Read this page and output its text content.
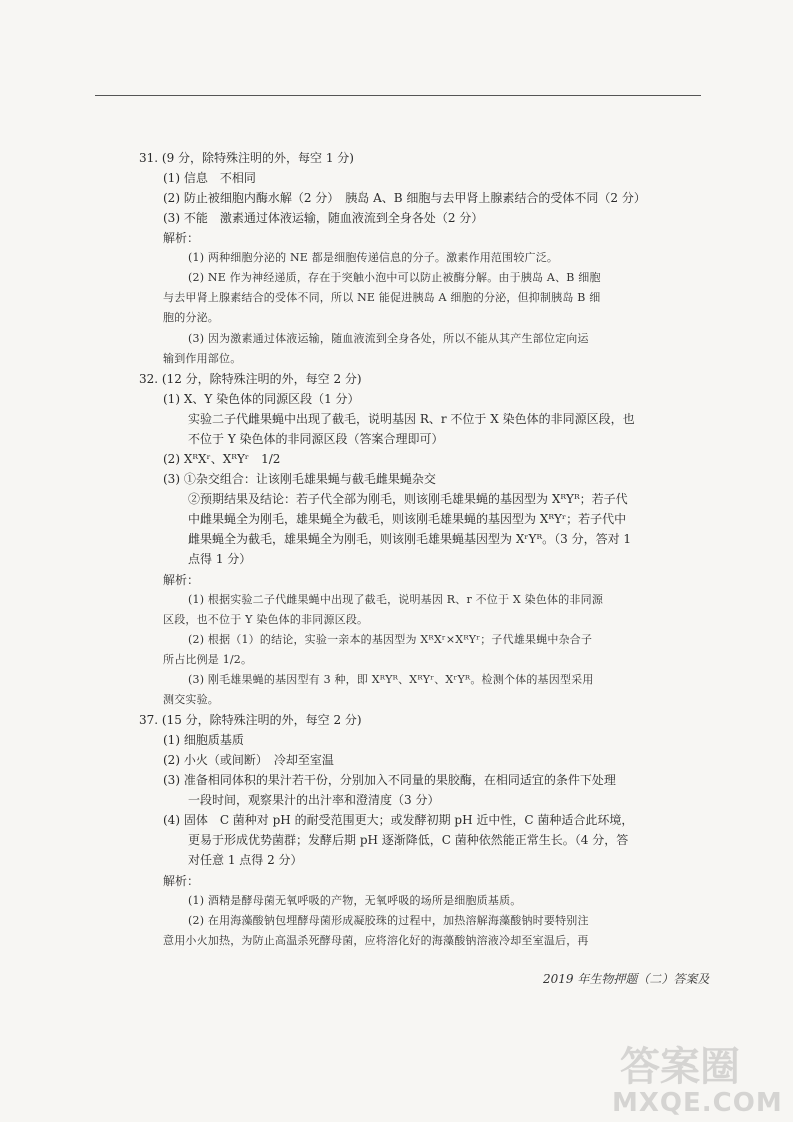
31. (9 分，除特殊注明的外，每空 1 分)
(1) 信息　不相同
(2) 防止被细胞内酶水解（2 分）　胰岛 A、B 细胞与去甲肾上腺素结合的受体不同（2 分）
(3) 不能　激素通过体液运输，随血液流到全身各处（2 分）
解析：
(1) 两种细胞分泌的 NE 都是细胞传递信息的分子。激素作用范围较广泛。
(2) NE 作为神经递质，存在于突触小泡中可以防止被酶分解。由于胰岛 A、B 细胞
与去甲肾上腺素结合的受体不同，所以 NE 能促进胰岛 A 细胞的分泌，但抑制胰岛 B 细
胞的分泌。
(3) 因为激素通过体液运输，随血液流到全身各处，所以不能从其产生部位定向运
输到作用部位。
32. (12 分，除特殊注明的外，每空 2 分)
(1) X、Y 染色体的同源区段（1 分）
实验二子代雌果蝇中出现了截毛，说明基因 R、r 不位于 X 染色体的非同源区段，也
不位于 Y 染色体的非同源区段（答案合理即可）
(2) XᴿXʳ、XᴿYʳ　1/2
(3) ①杂交组合：让该刚毛雄果蝇与截毛雌果蝇杂交
②预期结果及结论：若子代全部为刚毛，则该刚毛雄果蝇的基因型为 XᴿYᴿ；若子代
中雌果蝇全为刚毛，雄果蝇全为截毛，则该刚毛雄果蝇的基因型为 XᴿYʳ；若子代中
雌果蝇全为截毛，雄果蝇全为刚毛，则该刚毛雄果蝇基因型为 XʳYᴿ。（3 分，答对 1
点得 1 分）
解析：
(1) 根据实验二子代雌果蝇中出现了截毛，说明基因 R、r 不位于 X 染色体的非同源
区段，也不位于 Y 染色体的非同源区段。
(2) 根据（1）的结论，实验一亲本的基因型为 XᴿXʳ×XᴿYʳ；子代雄果蝇中杂合子
所占比例是 1/2。
(3) 刚毛雄果蝇的基因型有 3 种，即 XᴿYᴿ、XᴿYʳ、XʳYᴿ。检测个体的基因型采用
测交实验。
37. (15 分，除特殊注明的外，每空 2 分)
(1) 细胞质基质
(2) 小火（或间断）　冷却至室温
(3) 准备相同体积的果汁若干份，分别加入不同量的果胶酶，在相同适宜的条件下处理
一段时间，观察果汁的出汁率和澄清度（3 分）
(4) 固体　C 菌种对 pH 的耐受范围更大；或发酵初期 pH 近中性，C 菌种适合此环境，
更易于形成优势菌群；发酵后期 pH 逐渐降低，C 菌种依然能正常生长。（4 分，答
对任意 1 点得 2 分）
解析：
(1) 酒精是酵母菌无氧呼吸的产物，无氧呼吸的场所是细胞质基质。
(2) 在用海藻酸钠包埋酵母菌形成凝胶珠的过程中，加热溶解海藻酸钠时要特别注
意用小火加热，为防止高温杀死酵母菌，应将溶化好的海藻酸钠溶液冷却至室温后，再
2019 年生物押题（二）答案及
答案圈
MXQE.COM
